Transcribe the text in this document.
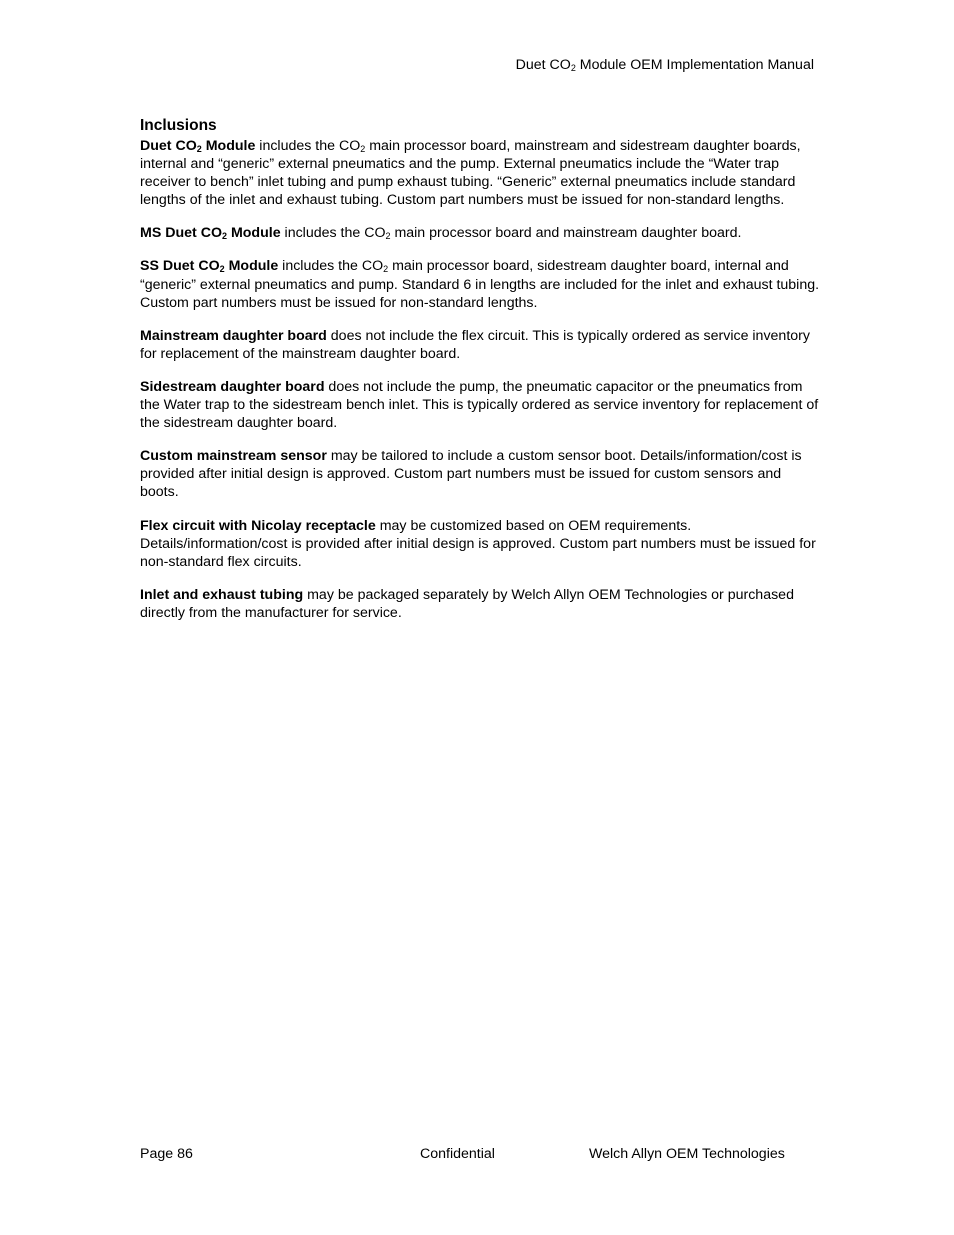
Duet $CO_2$ Module OEM Implementation Manual
Inclusions

Duet $CO_2$ Module includes the $CO_2$ main processor board, mainstream and sidestream daughter boards, internal and “generic” external pneumatics and the pump. External pneumatics include the “Water trap receiver to bench” inlet tubing and pump exhaust tubing. “Generic” external pneumatics include standard lengths of the inlet and exhaust tubing. Custom part numbers must be issued for non-standard lengths.

MS Duet $CO_2$ Module includes the $CO_2$ main processor board and mainstream daughter board.

SS Duet $CO_2$ Module includes the $CO_2$ main processor board, sidestream daughter board, internal and “generic” external pneumatics and pump. Standard 6 in lengths are included for the inlet and exhaust tubing. Custom part numbers must be issued for non-standard lengths.

Mainstream daughter board does not include the flex circuit. This is typically ordered as service inventory for replacement of the mainstream daughter board.

Sidestream daughter board does not include the pump, the pneumatic capacitor or the pneumatics from the Water trap to the sidestream bench inlet. This is typically ordered as service inventory for replacement of the sidestream daughter board.

Custom mainstream sensor may be tailored to include a custom sensor boot. Details/information/cost is provided after initial design is approved. Custom part numbers must be issued for custom sensors and boots.

Flex circuit with Nicolay receptacle may be customized based on OEM requirements. Details/information/cost is provided after initial design is approved. Custom part numbers must be issued for non-standard flex circuits.

Inlet and exhaust tubing may be packaged separately by Welch Allyn OEM Technologies or purchased directly from the manufacturer for service.

Page 86	Confidential	Welch Allyn OEM Technologies
